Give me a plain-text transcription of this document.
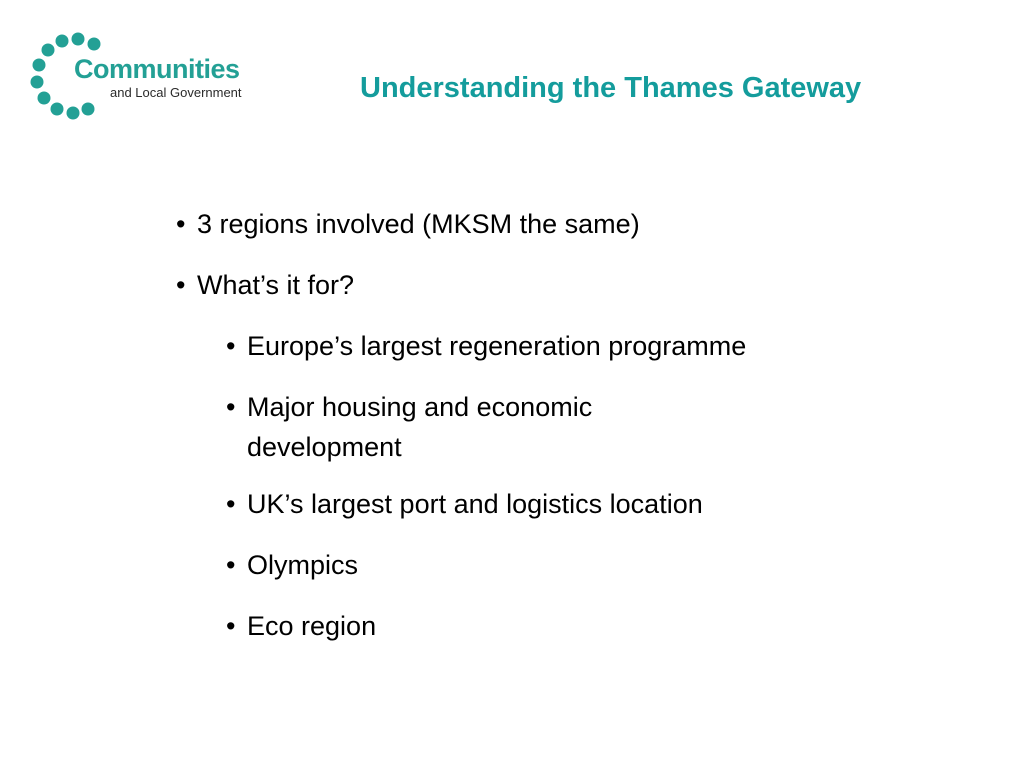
Communities
and Local Government	Understanding the Thames Gateway
• 3 regions involved (MKSM the same)
• What’s it for?
• Europe’s largest regeneration programme
• Major housing and economic development
• UK’s largest port and logistics location
• Olympics
• Eco region
